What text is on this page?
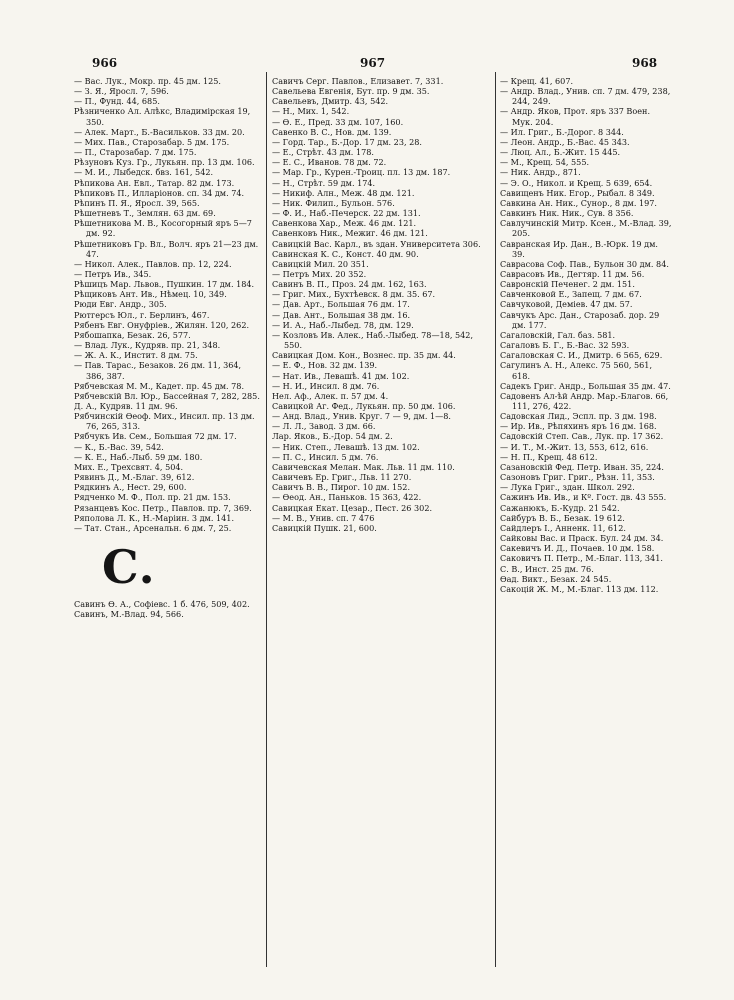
966	967	968

— Вас. Лук., Мокр. пр. 45 дм. 125.

— З. Я., Яросл. 7, 596.

— П., Фунд. 44, 685.

Рѣзниченко Ал. Алѣкс, Владимірская 19, 350.

— Алек. Март., Б.-Васильков. 33 дм. 20.

— Мих. Пав., Старозабар. 5 дм. 175.

— П., Старозабар. 7 дм. 175.

Рѣзуновъ Куз. Гр., Лукьян. пр. 13 дм. 106.

— М. И., Лыбедск. бвз. 161, 542.

Рѣпикова Ан. Евл., Татар. 82 дм. 173.

Рѣпиковъ П., Илларіонов. сп. 34 дм. 74.

Рѣпинъ П. Я., Яросл. 39, 565.

Рѣшетневъ Т., Землян. 63 дм. 69.

Рѣшетникова М. В., Косогорный яръ 5—7 дм. 92.

Рѣшетниковъ Гр. Вл., Волч. яръ 21—23 дм. 47.

— Никол. Алек., Павлов. пр. 12, 224.

— Петръ Ив., 345.

Рѣшицъ Мар. Львов., Пушкин. 17 дм. 184.

Рѣщиковъ Ант. Ив., Нѣмец. 10, 349.

Рюди Евг. Андр., 305.

Рютгерсъ Юл., г. Берлинъ, 467.

Рябенъ Евг. Онуфріев., Жилян. 120, 262.

Рябошапка, Безак. 26, 577.

— Влад. Лук., Кудряв. пр. 21, 348.

— Ж. А. К., Инстит. 8 дм. 75.

— Пав. Тарас., Безаков. 26 дм. 11, 364, 386, 387.

Рябчевская М. М., Кадет. пр. 45 дм. 78.

Рябчевскій Вл. Юр., Бассейная 7, 282, 285.

Д. А., Кудряв. 11 дм. 96.

Рябчинскій Ѳеоф. Мих., Инсил. пр. 13 дм. 76, 265, 313.

Рябчукъ Ив. Сем., Большая 72 дм. 17.

— К., Б.-Вас. 39, 542.

— К. Е., Наб.-Лыб. 59 дм. 180.

Мих. Е., Трехсвят. 4, 504.

Рявинъ Д., М.-Благ. 39, 612.

Рядкинъ А., Нест. 29, 600.

Рядченко М. Ф., Пол. пр. 21 дм. 153.

Рязанцевъ Кос. Петр., Павлов. пр. 7, 369.

Ряполова Л. К., Н.-Маріин. 3 дм. 141.

— Тат. Стан., Арсенальн. 6 дм. 7, 25.

С.

Савинъ Ѳ. А., Софіевс. 1 б. 476, 509, 402.

Савинъ, М.-Влад. 94, 566.

Савичъ Серг. Павлов., Елизавет. 7, 331.

Савельева Евгенія, Бут. пр. 9 дм. 35.

Савельевъ, Дмитр. 43, 542.

— Н., Мих. 1, 542.

— Ѳ. Е., Пред. 33 дм. 107, 160.

Савенко В. С., Нов. дм. 139.

— Горд. Тар., Б.-Дор. 17 дм. 23, 28.

— Е., Стрѣт. 43 дм. 178.

— Е. С., Иванов. 78 дм. 72.

— Мар. Гр., Курен.-Троиц. пл. 13 дм. 187.

— Н., Стрѣт. 59 дм. 174.

— Никиф. Алн., Меж. 48 дм. 121.

— Ник. Филип., Бульон. 576.

— Ф. И., Наб.-Печерск. 22 дм. 131.

Савенкова Хар., Меж. 46 дм. 121.

Савенковъ Ник., Межиг. 46 дм. 121.

Савицкій Вас. Карл., въ здан. Университета 306.

Савинская К. С., Конст. 40 дм. 90.

Савицкій Мил. 20 351.

— Петръ Мих. 20 352.

Савинъ В. П., Проз. 24 дм. 162, 163.

— Григ. Мих., Бухтѣевск. 8 дм. 35. 67.

— Дав. Арт., Большая 76 дм. 17.

— Дав. Ант., Большая 38 дм. 16.

— И. А., Наб.-Лыбед. 78, дм. 129.

— Козловъ Ив. Алек., Наб.-Лыбед. 78—18, 542, 550.

Савицкая Дом. Кон., Вознес. пр. 35 дм. 44.

— Е. Ф., Нов. 32 дм. 139.

— Нат. Ив., Левашѣ. 41 дм. 102.

— Н. И., Инсил. 8 дм. 76.

Нел. Аф., Алек. п. 57 дм. 4.

Савицкой Аг. Фед., Лукьян. пр. 50 дм. 106.

— Анд. Влад., Унив. Круг. 7 — 9, дм. 1—8.

— Л. Л., Завод. 3 дм. 66.

Лар. Яков., Б.-Дор. 54 дм. 2.

— Ник. Степ., Левашѣ. 13 дм. 102.

— П. С., Инсил. 5 дм. 76.

Савичевская Мелан. Мак. Льв. 11 дм. 110.

Савичевъ Ер. Григ., Льв. 11 270.

Савичъ В. В., Пирог. 10 дм. 152.

— Ѳеод. Ан., Паньков. 15 363, 422.

Савицкая Екат. Цезар., Пест. 26 302.

— М. В., Унив. сп. 7 476

Савицкій Пушк. 21, 600.

— Крещ. 41, 607.

— Андр. Влад., Унив. сп. 7 дм. 479, 238, 244, 249.

— Андр. Яков, Прот. яръ 337 Воен. Мук. 204.

— Ил. Григ., Б.-Дорог. 8 344.

— Леон. Андр., Б.-Вас. 45 343.

— Люц. Ал., Б.-Жит. 15 445.

— М., Крещ. 54, 555.

— Ник. Андр., 871.

— Э. О., Никол. и Крещ. 5 639, 654.

Савищенъ Ник. Егор., Рыбал. 8 349.

Савкина Ан. Ник., Сунор., 8 дм. 197.

Савкинъ Ник. Ник., Сув. 8 356.

Савлучинскій Митр. Ксен., М.-Влад. 39, 205.

Савранская Ир. Дан., В.-Юрк. 19 дм. 39.

Саврасова Соф. Пав., Бульон 30 дм. 84.

Саврасовъ Ив., Дегтяр. 11 дм. 56.

Савронскій Печенег. 2 дм. 151.

Савченковой Е., Запещ. 7 дм. 67.

Савчуковой, Деміев. 47 дм. 57.

Савчукъ Арс. Дан., Старозаб. дор. 29 дм. 177.

Сагаловскій, Гал. баз. 581.

Сагаловъ Б. Г., Б.-Вас. 32 593.

Сагаловская С. И., Дмитр. 6 565, 629.

Сагулинъ А. Н., Алекс. 75 560, 561, 618.

Садекъ Григ. Андр., Большая 35 дм. 47.

Садовенъ Ал-ѣй Андр. Мар.-Благов. 66, 111, 276, 422.

Садовская Лид., Эспл. пр. 3 дм. 198.

— Ир. Ив., Рѣпяхинъ яръ 16 дм. 168.

Садовскій Степ. Сав., Лук. пр. 17 362.

— И. Т., М.-Жит. 13, 553, 612, 616.

— Н. П., Крещ. 48 612.

Сазановскій Фед. Петр. Иван. 35, 224.

Сазоновъ Григ. Григ., Рѣзн. 11, 353.

— Лука Григ., здан. Школ. 292.

Сажинъ Ив. Ив., и Кº. Гост. дв. 43 555.

Сажанюкъ, Б.-Кудр. 21 542.

Сайбуръ В. Б., Безак. 19 612.

Сайдлеръ І., Анненк. 11, 612.

Сайковы Вас. и Праск. Бул. 24 дм. 34.

Сакевичъ И. Д., Почаев. 10 дм. 158.

Саковичъ П. Петр., М.-Благ. 113, 341.

С. В., Инст. 25 дм. 76.

Ѳад. Викт., Безак. 24 545.

Сакоцій Ж. М., М.-Благ. 113 дм. 112.
